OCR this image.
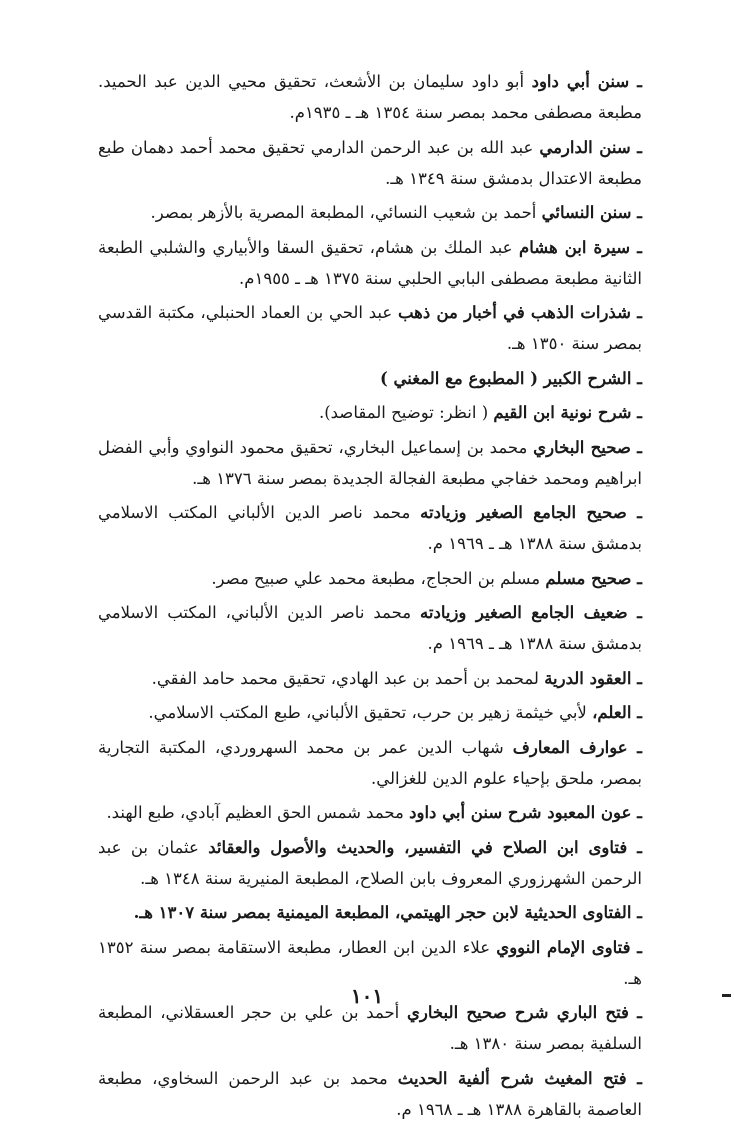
ـ سنن أبي داود أبو داود سليمان بن الأشعث، تحقيق محيي الدين عبد الحميد. مطبعة مصطفى محمد بمصر سنة ١٣٥٤ هـ ـ ١٩٣٥م.

ـ سنن الدارمي عبد الله بن عبد الرحمن الدارمي تحقيق محمد أحمد دهمان طبع مطبعة الاعتدال بدمشق سنة ١٣٤٩ هـ.

ـ سنن النسائي أحمد بن شعيب النسائي، المطبعة المصرية بالأزهر بمصر.

ـ سيرة ابن هشام عبد الملك بن هشام، تحقيق السقا والأبياري والشلبي الطبعة الثانية مطبعة مصطفى البابي الحلبي سنة ١٣٧٥ هـ ـ ١٩٥٥م.

ـ شذرات الذهب في أخبار من ذهب عبد الحي بن العماد الحنبلي، مكتبة القدسي بمصر سنة ١٣٥٠ هـ.

ـ الشرح الكبير ( المطبوع مع المغني )

ـ شرح نونية ابن القيم ( انظر: توضيح المقاصد).

ـ صحيح البخاري محمد بن إسماعيل البخاري، تحقيق محمود النواوي وأبي الفضل ابراهيم ومحمد خفاجي مطبعة الفجالة الجديدة بمصر سنة ١٣٧٦ هـ.

ـ صحيح الجامع الصغير وزيادته محمد ناصر الدين الألباني المكتب الاسلامي بدمشق سنة ١٣٨٨ هـ ـ ١٩٦٩ م.

ـ صحيح مسلم مسلم بن الحجاج، مطبعة محمد علي صبيح مصر.

ـ ضعيف الجامع الصغير وزيادته محمد ناصر الدين الألباني، المكتب الاسلامي بدمشق سنة ١٣٨٨ هـ ـ ١٩٦٩ م.

ـ العقود الدرية لمحمد بن أحمد بن عبد الهادي، تحقيق محمد حامد الفقي.

ـ العلم، لأبي خيثمة زهير بن حرب، تحقيق الألباني، طبع المكتب الاسلامي.

ـ عوارف المعارف شهاب الدين عمر بن محمد السهروردي، المكتبة التجارية بمصر، ملحق بإحياء علوم الدين للغزالي.

ـ عون المعبود شرح سنن أبي داود محمد شمس الحق العظيم آبادي، طبع الهند.

ـ فتاوى ابن الصلاح في التفسير، والحديث والأصول والعقائد عثمان بن عبد الرحمن الشهرزوري المعروف بابن الصلاح، المطبعة المنيرية سنة ١٣٤٨ هـ.

ـ الفتاوى الحديثية لابن حجر الهيتمي، المطبعة الميمنية بمصر سنة ١٣٠٧ هـ.

ـ فتاوى الإمام النووي علاء الدين ابن العطار، مطبعة الاستقامة بمصر سنة ١٣٥٢ هـ.

ـ فتح الباري شرح صحيح البخاري أحمد بن علي بن حجر العسقلاني، المطبعة السلفية بمصر سنة ١٣٨٠ هـ.

ـ فتح المغيث شرح ألفية الحديث محمد بن عبد الرحمن السخاوي، مطبعة العاصمة بالقاهرة ١٣٨٨ هـ ـ ١٩٦٨ م.

١٠١
